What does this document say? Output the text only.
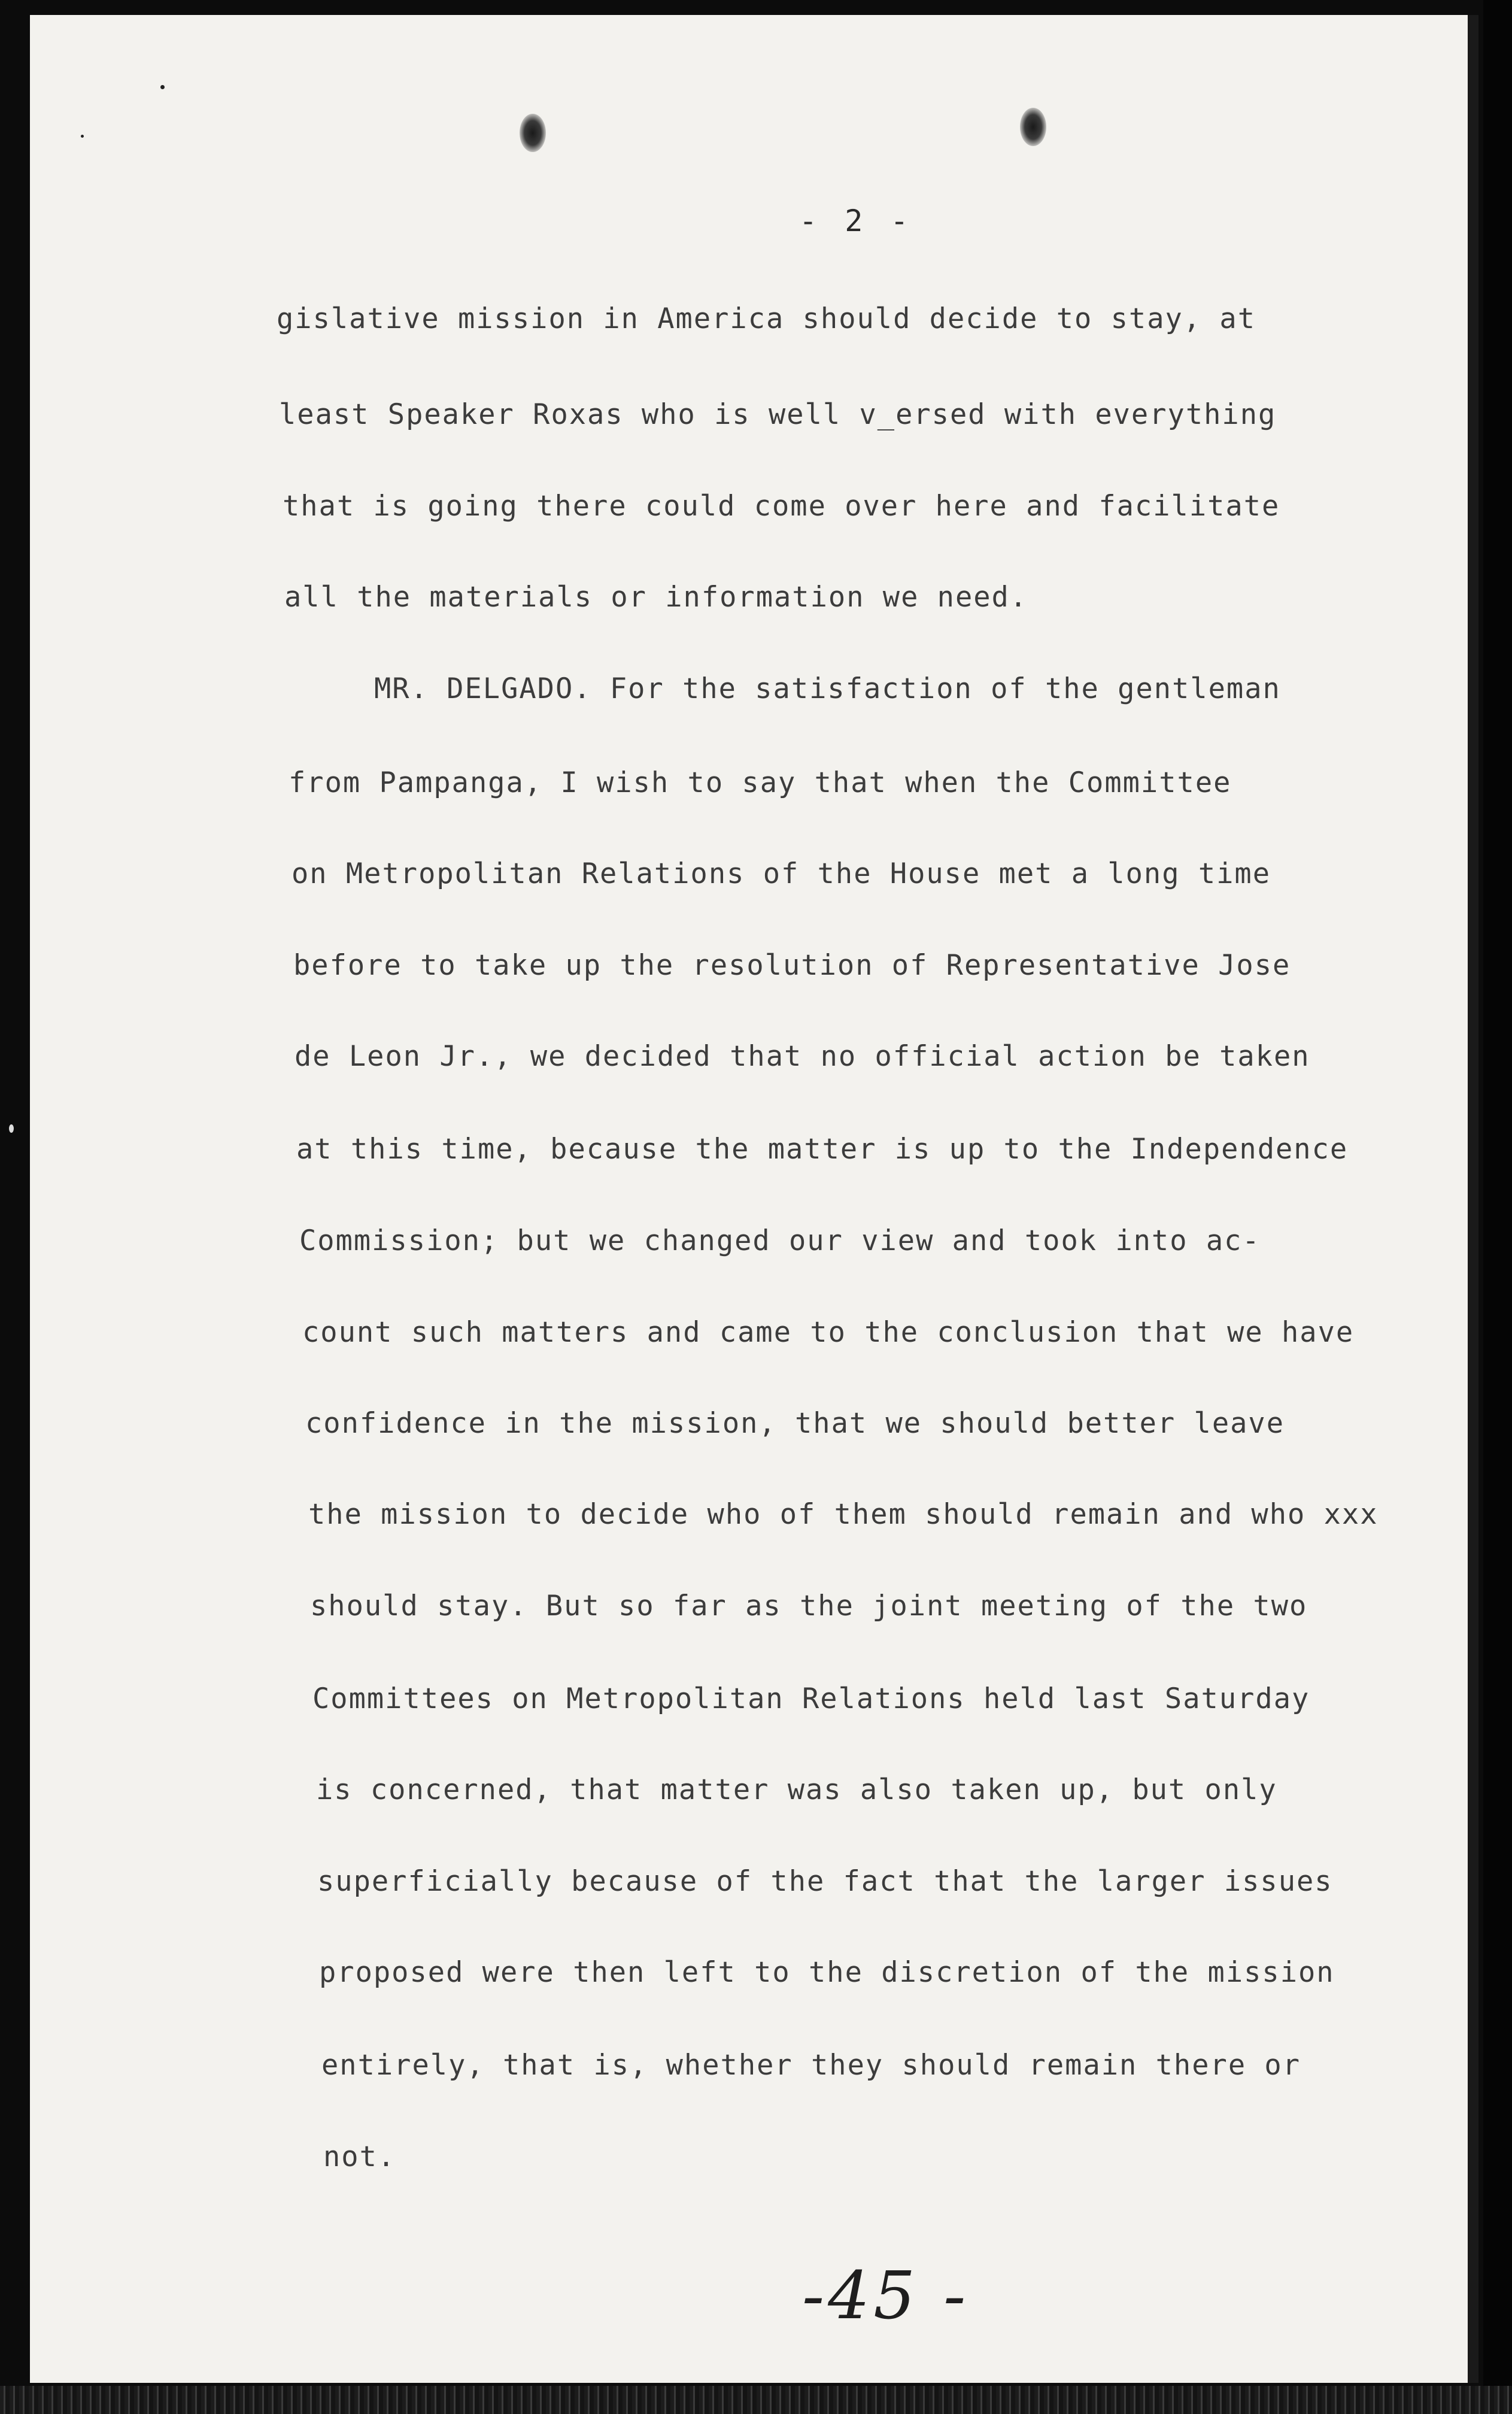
- 2 -
gislative mission in America should decide to stay, at
least Speaker Roxas who is well v_ersed with everything
that is going there could come over here and facilitate
all the materials or information we need.
MR. DELGADO. For the satisfaction of the gentleman
from Pampanga, I wish to say that when the Committee
on Metropolitan Relations of the House met a long time
before to take up the resolution of Representative Jose
de Leon Jr., we decided that no official action be taken
at this time, because the matter is up to the Independence
Commission; but we changed our view and took into ac-
count such matters and came to the conclusion that we have
confidence in the mission, that we should better leave
the mission to decide who of them should remain and who xxx
should stay. But so far as the joint meeting of the two
Committees on Metropolitan Relations held last Saturday
is concerned, that matter was also taken up, but only
superficially because of the fact that the larger issues
proposed were then left to the discretion of the mission
entirely, that is, whether they should remain there or
not.
-45 -
